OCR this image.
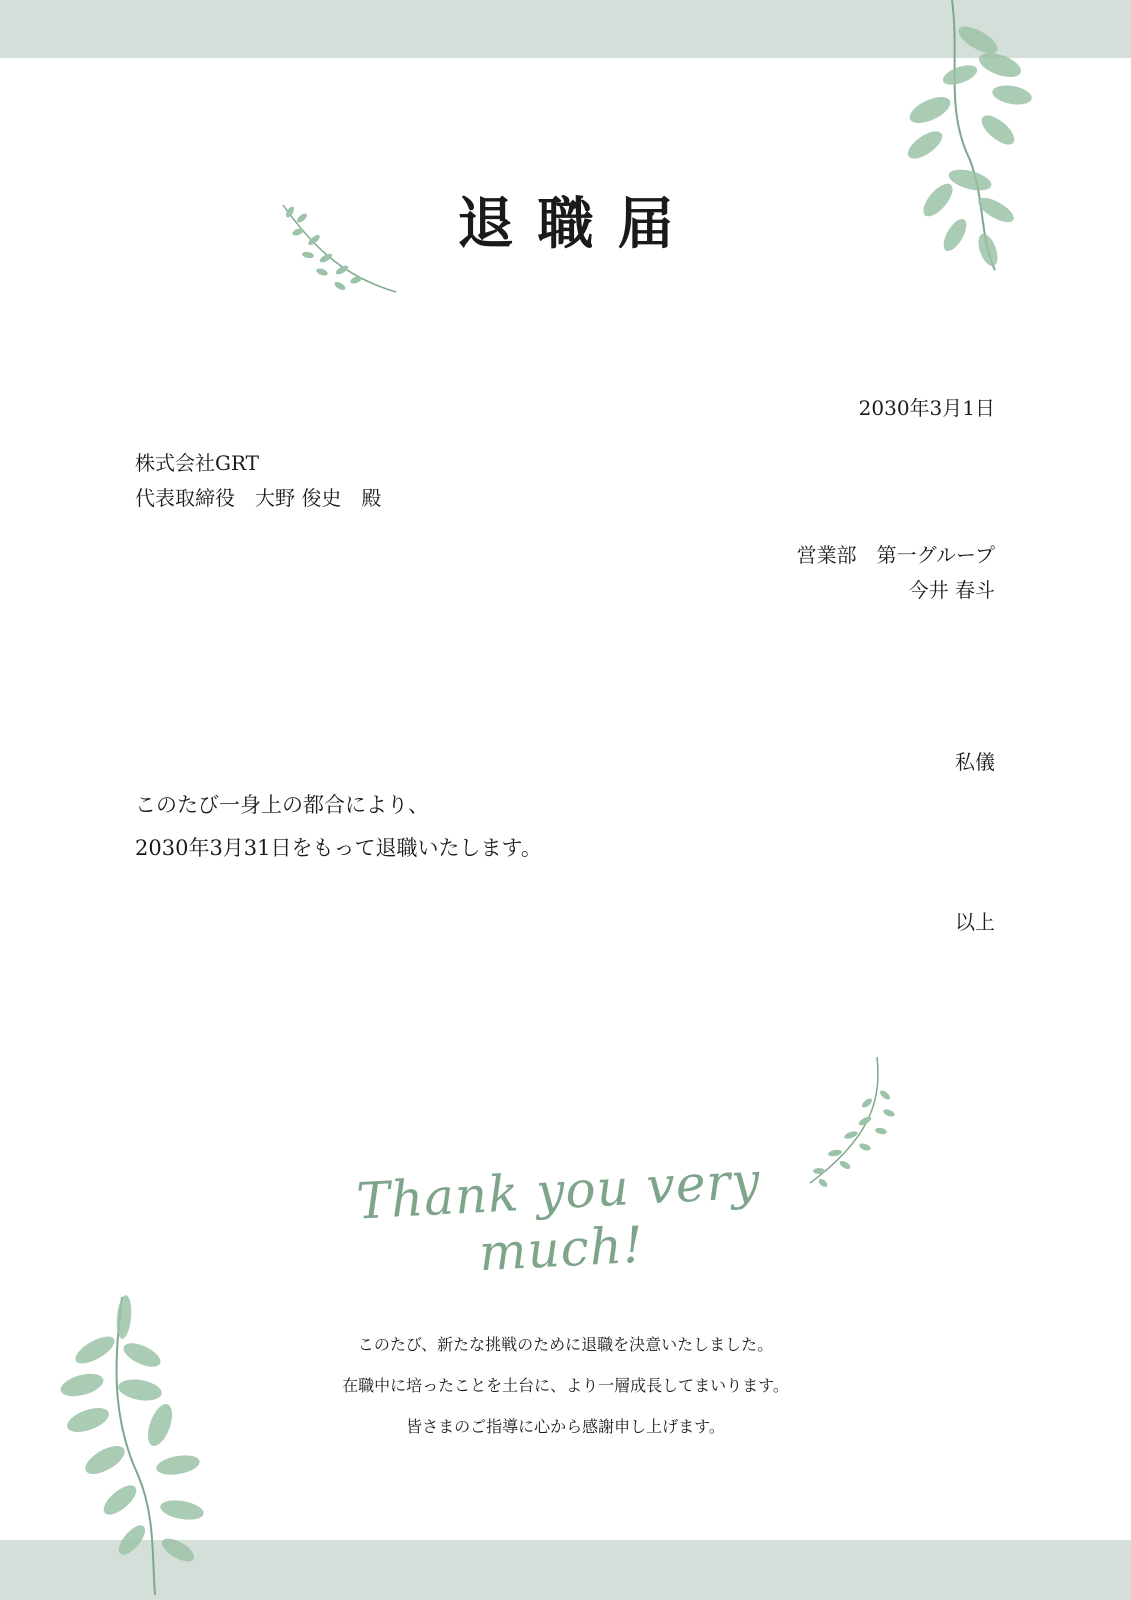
退職届
2030年3月1日
株式会社GRT
代表取締役　大野 俊史　殿
営業部　第一グループ
今井 春斗
私儀
このたび一身上の都合により、
2030年3月31日をもって退職いたします。
以上
Thank you very much!
このたび、新たな挑戦のために退職を決意いたしました。
在職中に培ったことを土台に、より一層成長してまいります。
皆さまのご指導に心から感謝申し上げます。
